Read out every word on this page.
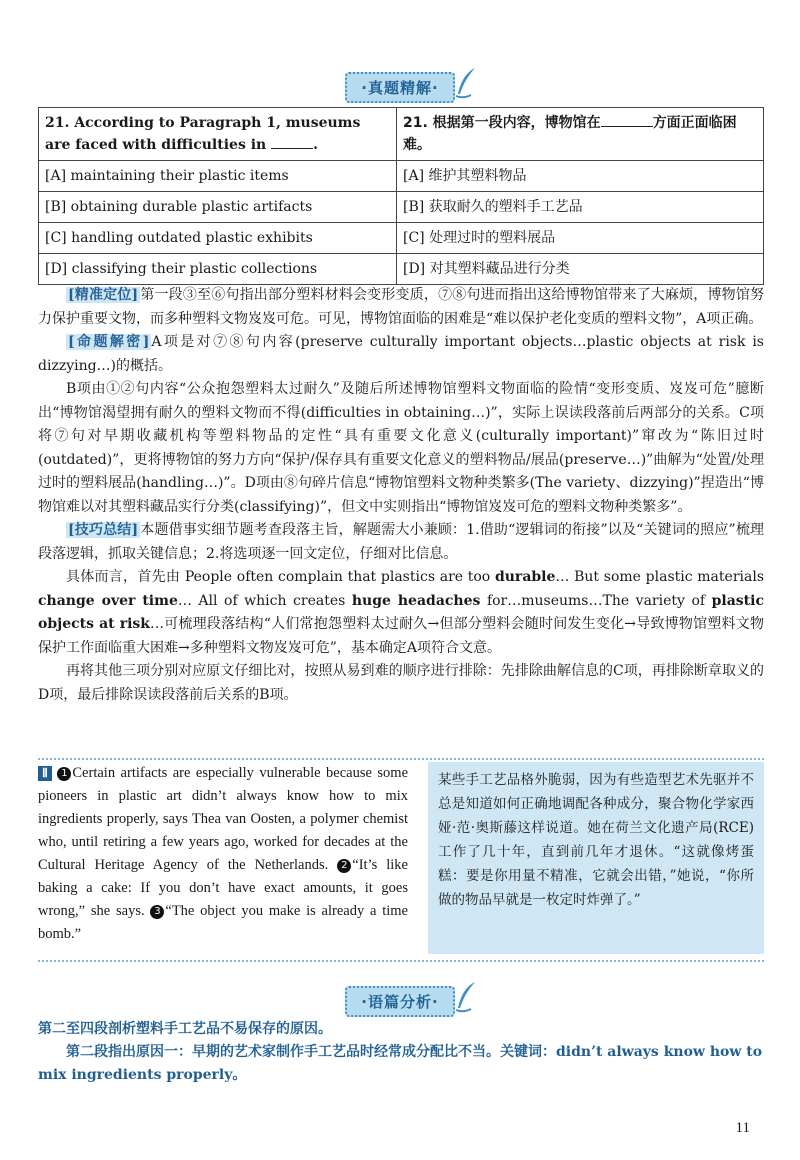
·真题精解·
21. According to Paragraph 1, museums are faced with difficulties in .	21. 根据第一段内容，博物馆在 方面正面临困难。
[A] maintaining their plastic items	[A] 维护其塑料物品
[B] obtaining durable plastic artifacts	[B] 获取耐久的塑料手工艺品
[C] handling outdated plastic exhibits	[C] 处理过时的塑料展品
[D] classifying their plastic collections	[D] 对其塑料藏品进行分类

[精准定位] 第一段③至⑥句指出部分塑料材料会变形变质，⑦⑧句进而指出这给博物馆带来了大麻烦，博物馆努力保护重要文物，而多种塑料文物岌岌可危。可见，博物馆面临的困难是“难以保护老化变质的塑料文物”，A项正确。

[命题解密] A项是对⑦⑧句内容(preserve culturally important objects…plastic objects at risk is dizzying…)的概括。

B项由①②句内容“公众抱怨塑料太过耐久”及随后所述博物馆塑料文物面临的险情“变形变质、岌岌可危”臆断出“博物馆渴望拥有耐久的塑料文物而不得(difficulties in obtaining…)”，实际上误读段落前后两部分的关系。C项将⑦句对早期收藏机构等塑料物品的定性“具有重要文化意义(culturally important)”窜改为“陈旧过时(outdated)”，更将博物馆的努力方向“保护/保存具有重要文化意义的塑料物品/展品(preserve…)”曲解为“处置/处理过时的塑料展品(handling…)”。D项由⑧句碎片信息“博物馆塑料文物种类繁多(The variety、dizzying)”捏造出“博物馆难以对其塑料藏品实行分类(classifying)”，但文中实则指出“博物馆岌岌可危的塑料文物种类繁多”。

[技巧总结] 本题借事实细节题考查段落主旨，解题需大小兼顾：1.借助“逻辑词的衔接”以及“关键词的照应”梳理段落逻辑，抓取关键信息；2.将选项逐一回文定位，仔细对比信息。

具体而言，首先由 People often complain that plastics are too durable… But some plastic materials change over time… All of which creates huge headaches for…museums…The variety of plastic objects at risk…可梳理段落结构“人们常抱怨塑料太过耐久→但部分塑料会随时间发生变化→导致博物馆塑料文物保护工作面临重大困难→多种塑料文物岌岌可危”，基本确定A项符合文意。

再将其他三项分别对应原文仔细比对，按照从易到难的顺序进行排除：先排除曲解信息的C项，再排除断章取义的D项，最后排除误读段落前后关系的B项。

Ⅱ 1 Certain artifacts are especially vulnerable because some pioneers in plastic art didn’t always know how to mix ingredients properly, says Thea van Oosten, a polymer chemist who, until retiring a few years ago, worked for decades at the Cultural Heritage Agency of the Netherlands. 2 “It’s like baking a cake: If you don’t have exact amounts, it goes wrong,” she says. 3 “The object you make is already a time bomb.”
某些手工艺品格外脆弱，因为有些造型艺术先驱并不总是知道如何正确地调配各种成分，聚合物化学家西娅·范·奥斯藤这样说道。她在荷兰文化遗产局(RCE)工作了几十年，直到前几年才退休。“这就像烤蛋糕：要是你用量不精准，它就会出错，”她说，“你所做的物品早就是一枚定时炸弹了。”
·语篇分析·
第二至四段剖析塑料手工艺品不易保存的原因。
第二段指出原因一：早期的艺术家制作手工艺品时经常成分配比不当。关键词：didn’t always know how to mix ingredients properly。
11
